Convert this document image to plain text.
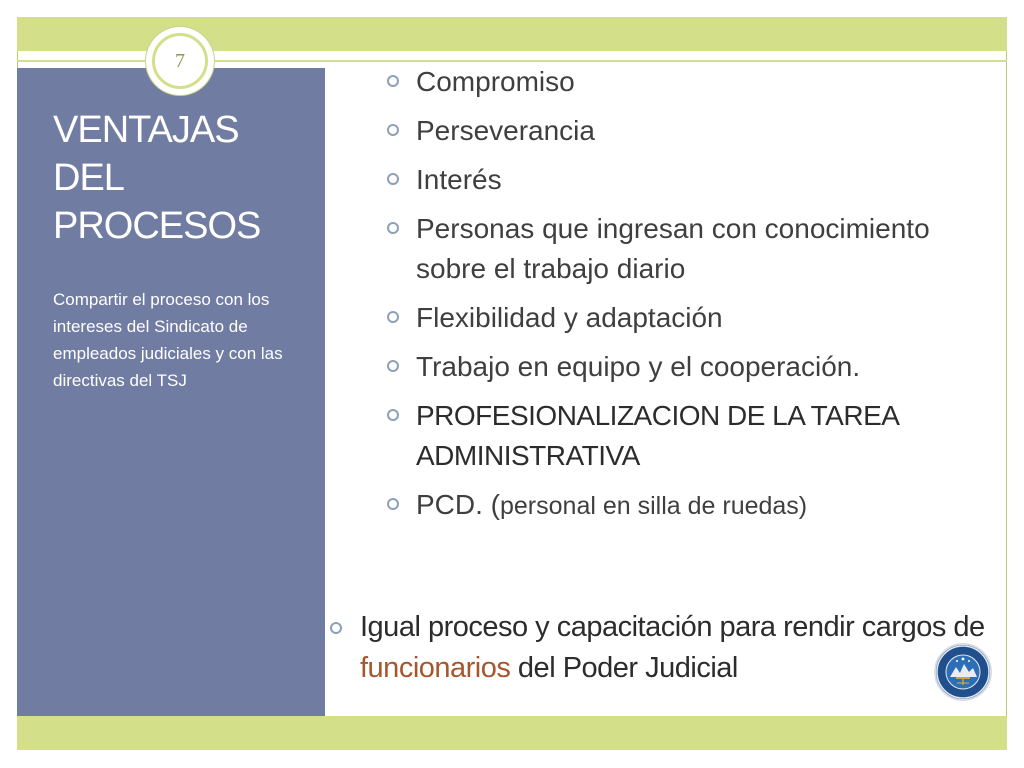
7
VENTAJAS
DEL
PROCESOS
Compartir el proceso con los intereses del Sindicato de empleados judiciales y con las directivas del TSJ
Compromiso
Perseverancia
Interés
Personas que ingresan con conocimiento sobre el trabajo diario
Flexibilidad y adaptación
Trabajo en equipo y el cooperación.
PROFESIONALIZACION DE LA TAREA ADMINISTRATIVA
PCD. (personal en silla de ruedas)
Igual proceso y capacitación para rendir cargos de funcionarios del Poder Judicial
